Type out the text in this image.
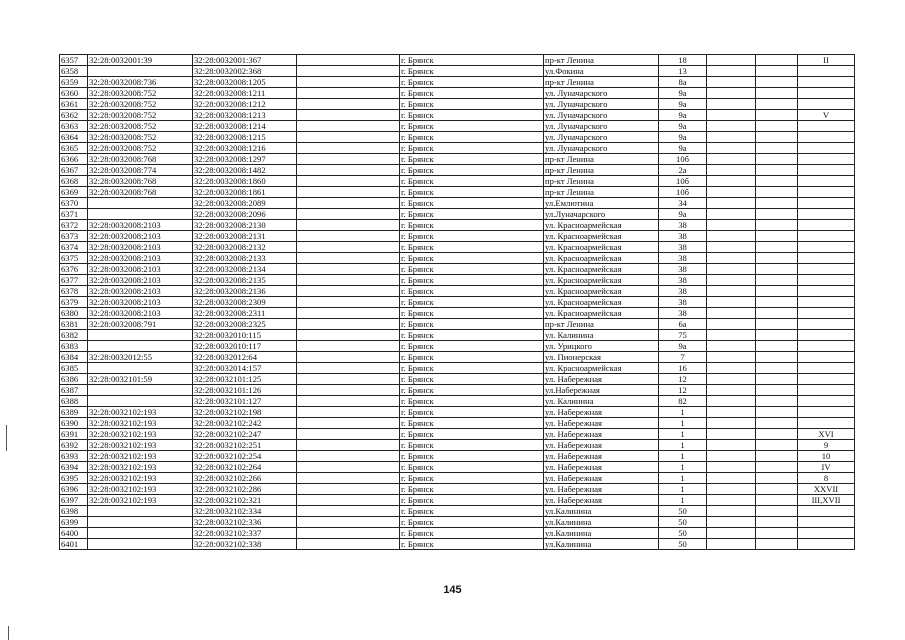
6357	32:28:0032001:39	32:28:0032001:367		г. Брянск	пр-кт Ленина	18			II
6358		32:28:0032002:368		г. Брянск	ул.Фокина	13			
6359	32:28:0032008:736	32:28:0032008:1205		г. Брянск	пр-кт Ленина	8а			
6360	32:28:0032008:752	32:28:0032008:1211		г. Брянск	ул. Луначарского	9а			
6361	32:28:0032008:752	32:28:0032008:1212		г. Брянск	ул. Луначарского	9а			
6362	32:28:0032008:752	32:28:0032008:1213		г. Брянск	ул. Луначарского	9а			V
6363	32:28:0032008:752	32:28:0032008:1214		г. Брянск	ул. Луначарского	9а			
6364	32:28:0032008:752	32:28:0032008:1215		г. Брянск	ул. Луначарского	9а			
6365	32:28:0032008:752	32:28:0032008:1216		г. Брянск	ул. Луначарского	9а			
6366	32:28:0032008:768	32:28:0032008:1297		г. Брянск	пр-кт Ленина	10б			
6367	32:28:0032008:774	32:28:0032008:1482		г. Брянск	пр-кт Ленина	2а			
6368	32:28:0032008:768	32:28:0032008:1860		г. Брянск	пр-кт Ленина	10б			
6369	32:28:0032008:768	32:28:0032008:1861		г. Брянск	пр-кт Ленина	10б			
6370		32:28:0032008:2089		г. Брянск	ул.Емлютина	34			
6371		32:28:0032008:2096		г. Брянск	ул.Луначарского	9а			
6372	32:28:0032008:2103	32:28:0032008:2130		г. Брянск	ул. Красноармейская	38			
6373	32:28:0032008:2103	32:28:0032008:2131		г. Брянск	ул. Красноармейская	38			
6374	32:28:0032008:2103	32:28:0032008:2132		г. Брянск	ул. Красноармейская	38			
6375	32:28:0032008:2103	32:28:0032008:2133		г. Брянск	ул. Красноармейская	38			
6376	32:28:0032008:2103	32:28:0032008:2134		г. Брянск	ул. Красноармейская	38			
6377	32:28:0032008:2103	32:28:0032008:2135		г. Брянск	ул. Красноармейская	38			
6378	32:28:0032008:2103	32:28:0032008:2136		г. Брянск	ул. Красноармейская	38			
6379	32:28:0032008:2103	32:28:0032008:2309		г. Брянск	ул. Красноармейская	38			
6380	32:28:0032008:2103	32:28:0032008:2311		г. Брянск	ул. Красноармейская	38			
6381	32:28:0032008:791	32:28:0032008:2325		г. Брянск	пр-кт Ленина	6а			
6382		32:28:0032010:115		г. Брянск	ул. Калинина	75			
6383		32:28:0032010:117		г. Брянск	ул. Урицкого	9а			
6384	32:28:0032012:55	32:28:0032012:64		г. Брянск	ул. Пионерская	7			
6385		32:28:0032014:157		г. Брянск	ул. Красноармейская	16			
6386	32:28:0032101:59	32:28:0032101:125		г. Брянск	ул. Набережная	12			
6387		32:28:0032101:126		г. Брянск	ул.Набережная	12			
6388		32:28:0032101:127		г. Брянск	ул. Калинина	82			
6389	32:28:0032102:193	32:28:0032102:198		г. Брянск	ул. Набережная	1			
6390	32:28:0032102:193	32:28:0032102:242		г. Брянск	ул. Набережная	1			
6391	32:28:0032102:193	32:28:0032102:247		г. Брянск	ул. Набережная	1			XVI
6392	32:28:0032102:193	32:28:0032102:251		г. Брянск	ул. Набережная	1			9
6393	32:28:0032102:193	32:28:0032102:254		г. Брянск	ул. Набережная	1			10
6394	32:28:0032102:193	32:28:0032102:264		г. Брянск	ул. Набережная	1			IV
6395	32:28:0032102:193	32:28:0032102:266		г. Брянск	ул. Набережная	1			8
6396	32:28:0032102:193	32:28:0032102:286		г. Брянск	ул. Набережная	1			XXVII
6397	32:28:0032102:193	32:28:0032102:321		г. Брянск	ул. Набережная	1			III,XVII
6398		32:28:0032102:334		г. Брянск	ул.Калинина	50			
6399		32:28:0032102:336		г. Брянск	ул.Калинина	50			
6400		32:28:0032102:337		г. Брянск	ул.Калинина	50			
6401		32:28:0032102:338		г. Брянск	ул.Калинина	50			
145
